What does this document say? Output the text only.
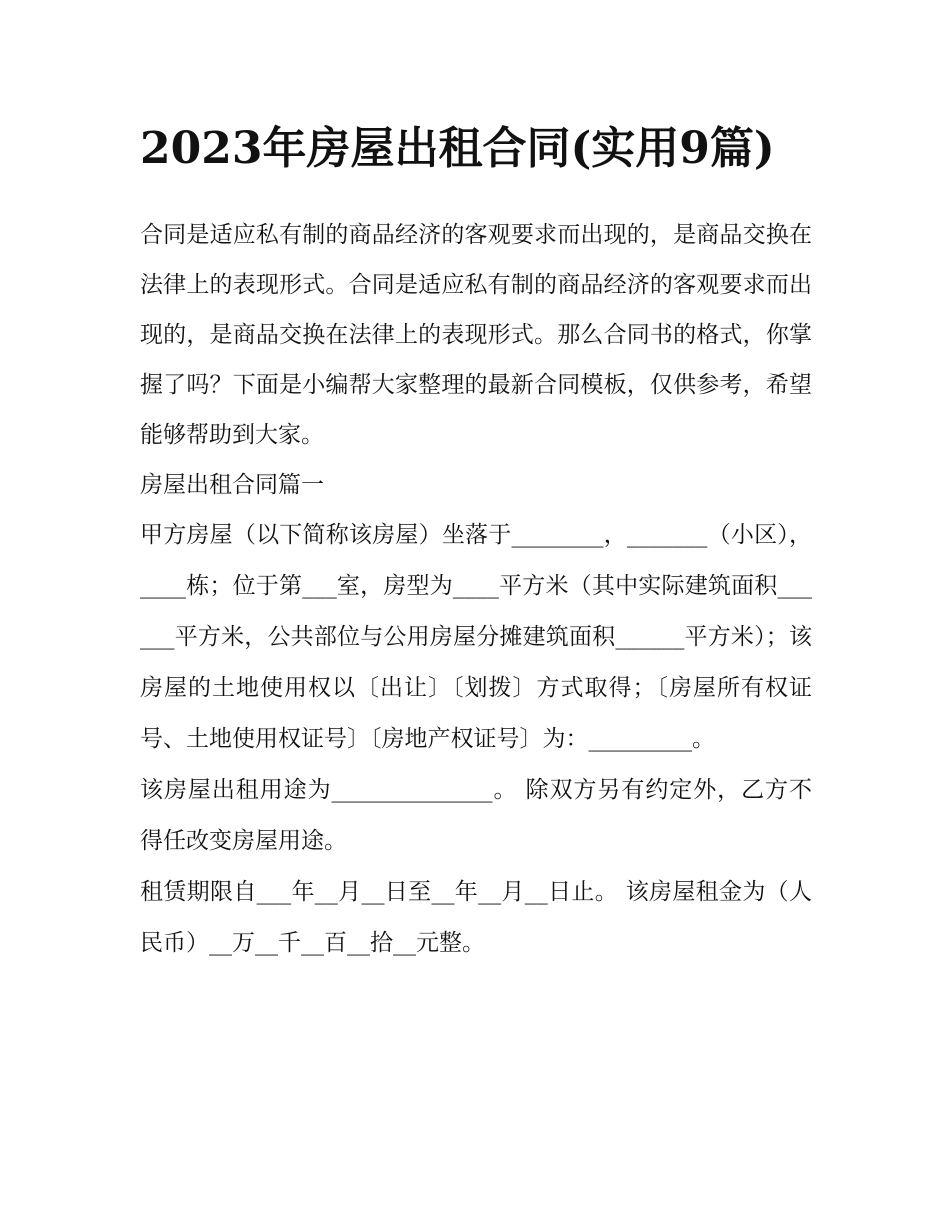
2023年房屋出租合同(实用9篇)

合同是适应私有制的商品经济的客观要求而出现的，是商品交换在法律上的表现形式。合同是适应私有制的商品经济的客观要求而出现的，是商品交换在法律上的表现形式。那么合同书的格式，你掌握了吗？下面是小编帮大家整理的最新合同模板，仅供参考，希望能够帮助到大家。

房屋出租合同篇一

甲方房屋（以下简称该房屋）坐落于________，_______（小区），____栋；位于第___室，房型为____平方米（其中实际建筑面积______平方米，公共部位与公用房屋分摊建筑面积______平方米）；该房屋的土地使用权以〔出让〕〔划拨〕方式取得；〔房屋所有权证号、土地使用权证号〕〔房地产权证号〕为：_________。

该房屋出租用途为______________。 除双方另有约定外，乙方不得任改变房屋用途。

租赁期限自___年__月__日至__年__月__日止。 该房屋租金为（人民币）__万__千__百__拾__元整。
